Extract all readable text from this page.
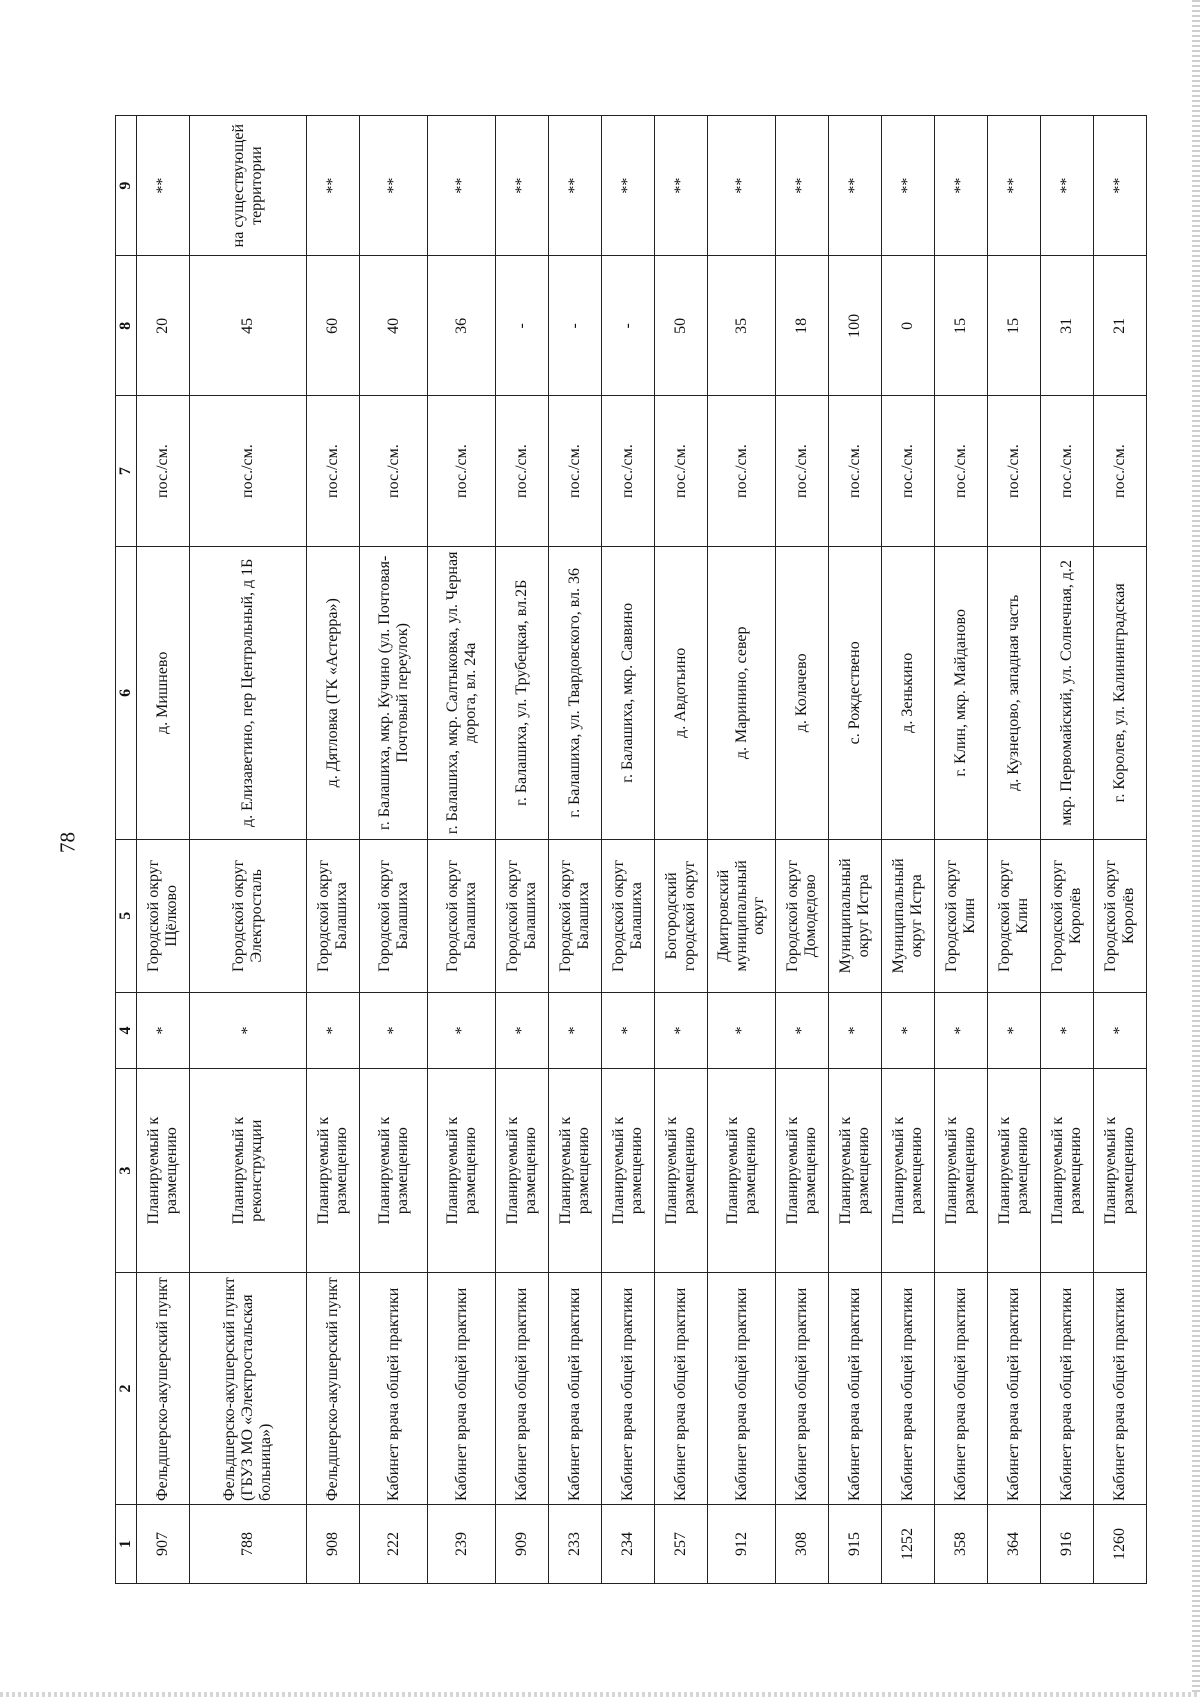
78
1	2	3	4	5	6	7	8	9
907	Фельдшерско-акушерский пункт	Планируемый к размещению	*	Городской округ Щёлково	д. Мишнево	пос./см.	20	**
788	Фельдшерско-акушерский пункт (ГБУЗ МО «Электростальская больница»)	Планируемый к реконструкции	*	Городской округ Электросталь	д. Елизаветино, пер Центральный, д 1Б	пос./см.	45	на существующей территории
908	Фельдшерско-акушерский пункт	Планируемый к размещению	*	Городской округ Балашиха	д. Дятловка (ГК «Астерра»)	пос./см.	60	**
222	Кабинет врача общей практики	Планируемый к размещению	*	Городской округ Балашиха	г. Балашиха, мкр. Кучино (ул. Почтовая-Почтовый переулок)	пос./см.	40	**
239	Кабинет врача общей практики	Планируемый к размещению	*	Городской округ Балашиха	г. Балашиха, мкр. Салтыковка, ул. Черная дорога, вл. 24а	пос./см.	36	**
909	Кабинет врача общей практики	Планируемый к размещению	*	Городской округ Балашиха	г. Балашиха, ул. Трубецкая, вл.2Б	пос./см.	-	**
233	Кабинет врача общей практики	Планируемый к размещению	*	Городской округ Балашиха	г. Балашиха, ул. Твардовского, вл. 36	пос./см.	-	**
234	Кабинет врача общей практики	Планируемый к размещению	*	Городской округ Балашиха	г. Балашиха, мкр. Саввино	пос./см.	-	**
257	Кабинет врача общей практики	Планируемый к размещению	*	Богородский городской округ	д. Авдотьино	пос./см.	50	**
912	Кабинет врача общей практики	Планируемый к размещению	*	Дмитровский муниципальный округ	д. Маринино, север	пос./см.	35	**
308	Кабинет врача общей практики	Планируемый к размещению	*	Городской округ Домодедово	д. Колачево	пос./см.	18	**
915	Кабинет врача общей практики	Планируемый к размещению	*	Муниципальный округ Истра	с. Рождествено	пос./см.	100	**
1252	Кабинет врача общей практики	Планируемый к размещению	*	Муниципальный округ Истра	д. Зенькино	пос./см.	0	**
358	Кабинет врача общей практики	Планируемый к размещению	*	Городской округ Клин	г. Клин, мкр. Майданово	пос./см.	15	**
364	Кабинет врача общей практики	Планируемый к размещению	*	Городской округ Клин	д. Кузнецово, западная часть	пос./см.	15	**
916	Кабинет врача общей практики	Планируемый к размещению	*	Городской округ Королёв	мкр. Первомайский, ул. Солнечная, д.2	пос./см.	31	**
1260	Кабинет врача общей практики	Планируемый к размещению	*	Городской округ Королёв	г. Королев, ул. Калининградская	пос./см.	21	**
